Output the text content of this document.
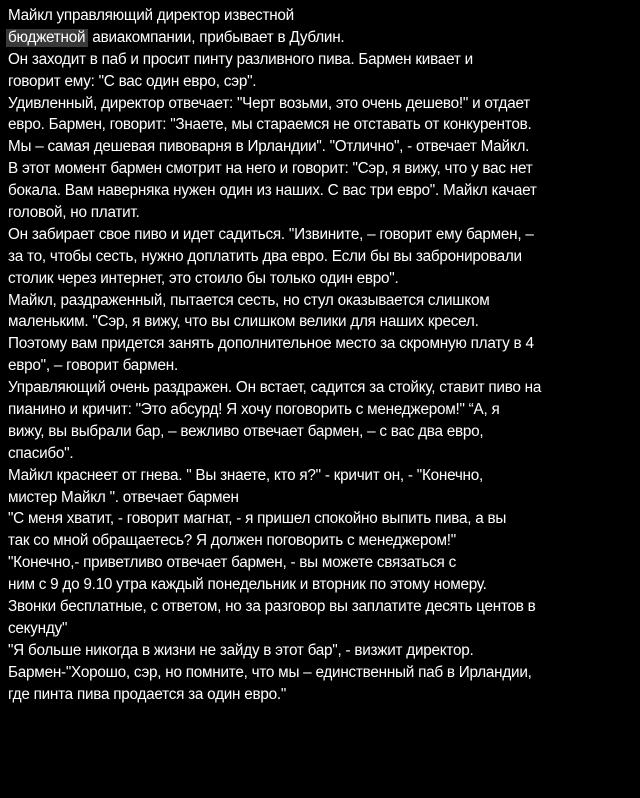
Майкл управляющий директор известной
бюджетной авиакомпании, прибывает в Дублин.
Он заходит в паб и просит пинту разливного пива. Бармен кивает и
говорит ему: "С вас один евро, сэр".
Удивленный, директор отвечает: "Черт возьми, это очень дешево!" и отдает
евро. Бармен, говорит: "Знаете, мы стараемся не отставать от конкурентов.
Мы – самая дешевая пивоварня в Ирландии". "Отлично", - отвечает Майкл.
В этот момент бармен смотрит на него и говорит: "Сэр, я вижу, что у вас нет
бокала. Вам наверняка нужен один из наших. С вас три евро". Майкл качает
головой, но платит.
Он забирает свое пиво и идет садиться. "Извините, – говорит ему бармен, –
за то, чтобы сесть, нужно доплатить два евро. Если бы вы забронировали
столик через интернет, это стоило бы только один евро".
Майкл, раздраженный, пытается сесть, но стул оказывается слишком
маленьким. "Сэр, я вижу, что вы слишком велики для наших кресел.
Поэтому вам придется занять дополнительное место за скромную плату в 4
евро", – говорит бармен.
Управляющий очень раздражен. Он встает, садится за стойку, ставит пиво на
пианино и кричит: "Это абсурд! Я хочу поговорить с менеджером!" “А, я
вижу, вы выбрали бар, – вежливо отвечает бармен, – с вас два евро,
спасибо".
Майкл краснеет от гнева. " Вы знаете, кто я?" - кричит он, - "Конечно,
мистер Майкл ". отвечает бармен
"С меня хватит, - говорит магнат, - я пришел спокойно выпить пива, а вы
так со мной обращаетесь? Я должен поговорить с менеджером!"
"Конечно,- приветливо отвечает бармен, - вы можете связаться с
ним с 9 до 9.10 утра каждый понедельник и вторник по этому номеру.
Звонки бесплатные, с ответом, но за разговор вы заплатите десять центов в
секунду"
"Я больше никогда в жизни не зайду в этот бар", - визжит директор.
Бармен-"Хорошо, сэр, но помните, что мы – единственный паб в Ирландии,
где пинта пива продается за один евро."
